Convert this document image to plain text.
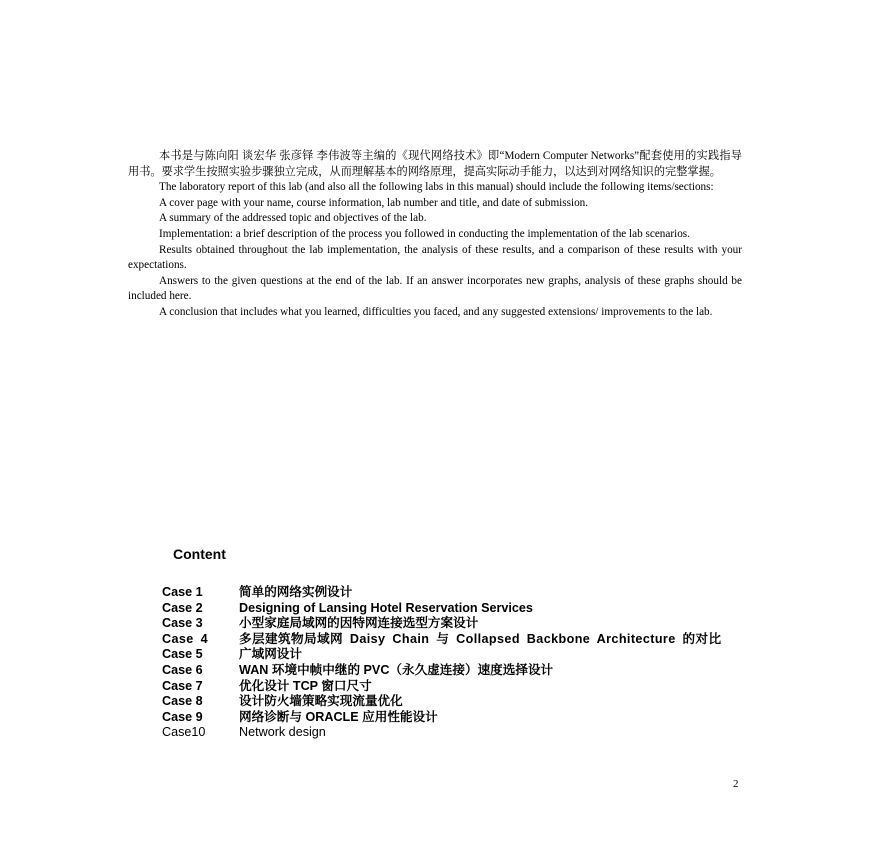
本书是与陈向阳 谈宏华 张彦铎 李伟波等主编的《现代网络技术》即“Modern Computer Networks”配套使用的实践指导用书。要求学生按照实验步骤独立完成，从而理解基本的网络原理，提高实际动手能力，以达到对网络知识的完整掌握。

The laboratory report of this lab (and also all the following labs in this manual) should include the following items/sections:

A cover page with your name, course information, lab number and title, and date of submission.

A summary of the addressed topic and objectives of the lab.

Implementation: a brief description of the process you followed in conducting the implementation of the lab scenarios.

Results obtained throughout the lab implementation, the analysis of these results, and a comparison of these results with your expectations.

Answers to the given questions at the end of the lab. If an answer incorporates new graphs, analysis of these graphs should be included here.

A conclusion that includes what you learned, difficulties you faced, and any suggested extensions/ improvements to the lab.

Content
Case 1	简单的网络实例设计
Case 2	Designing of Lansing Hotel Reservation Services
Case 3	小型家庭局域网的因特网连接选型方案设计
Case 4 多层建筑物局域网 Daisy Chain 与 Collapsed Backbone Architecture 的对比
Case 5	广域网设计
Case 6	WAN 环境中帧中继的 PVC（永久虚连接）速度选择设计
Case 7	优化设计 TCP 窗口尺寸
Case 8	设计防火墙策略实现流量优化
Case 9	网络诊断与 ORACLE 应用性能设计
Case10	Network design
2
